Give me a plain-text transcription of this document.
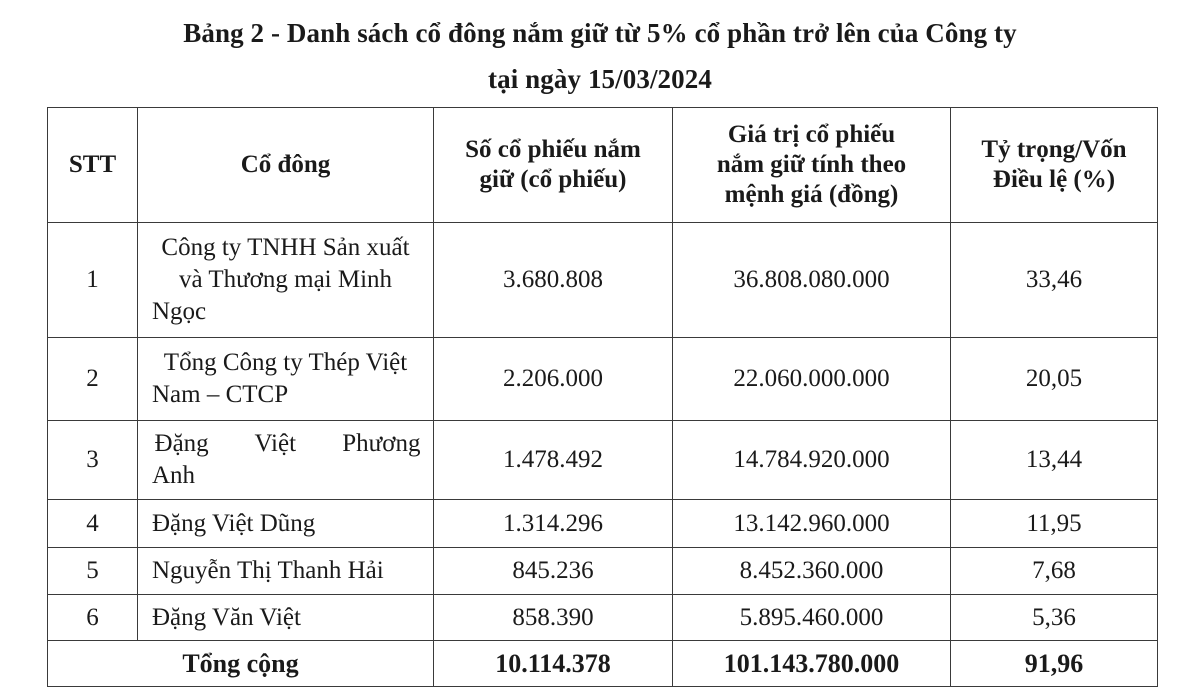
Bảng 2 - Danh sách cổ đông nắm giữ từ 5% cổ phần trở lên của Công ty
tại ngày 15/03/2024
STT	Cổ đông	Số cổ phiếu nắm giữ (cổ phiếu)	Giá trị cổ phiếu nắm giữ tính theo mệnh giá (đồng)	Tỷ trọng/Vốn Điều lệ (%)
1	Công ty TNHH Sản xuất và Thương mại Minh Ngọc	3.680.808	36.808.080.000	33,46
2	Tổng Công ty Thép Việt Nam – CTCP	2.206.000	22.060.000.000	20,05
3	Đặng Việt Phương Anh	1.478.492	14.784.920.000	13,44
4	Đặng Việt Dũng	1.314.296	13.142.960.000	11,95
5	Nguyễn Thị Thanh Hải	845.236	8.452.360.000	7,68
6	Đặng Văn Việt	858.390	5.895.460.000	5,36
Tổng cộng		10.114.378	101.143.780.000	91,96
